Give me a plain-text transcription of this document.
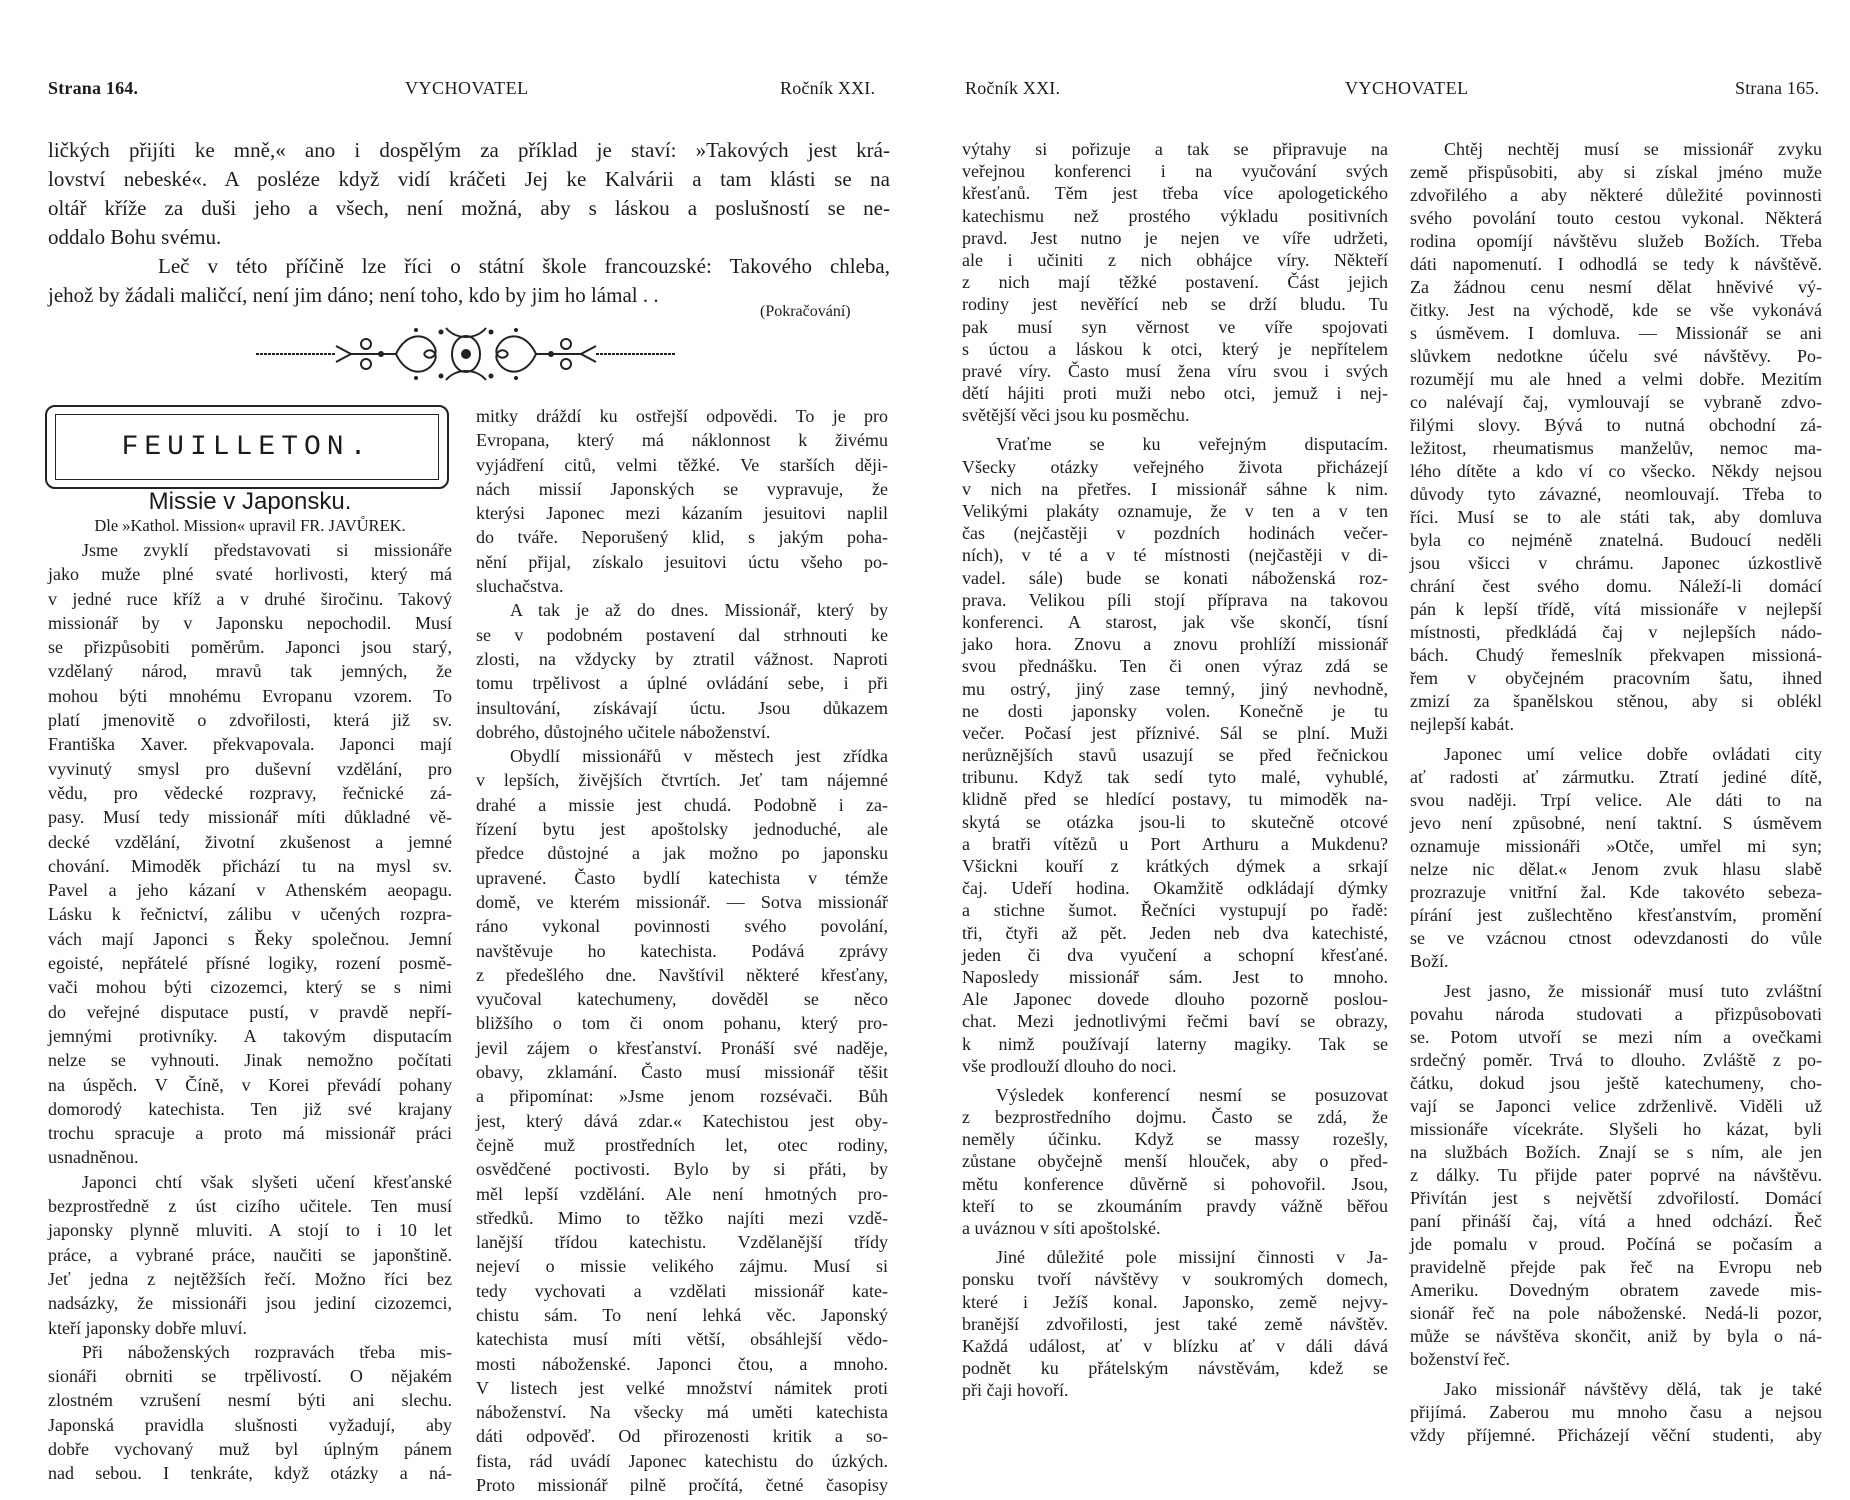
Strana 164.	VYCHOVATEL	Ročník XXI.	Ročník XXI.	VYCHOVATEL	Strana 165.
ličkých přijíti ke mně,« ano i dospělým za příklad je staví: »Takových jest krá-
lovství nebeské«. A posléze když vidí kráčeti Jej ke Kalvárii a tam klásti se na
oltář kříže za duši jeho a všech, není možná, aby s láskou a poslušností se ne-
oddalo Bohu svému.
Leč v této příčině lze říci o státní škole francouzské: Takového chleba,
jehož by žádali maličcí, není jim dáno; není toho, kdo by jim ho lámal . .
(Pokračování)
FEUILLETON.
Missie v Japonsku.
Dle »Kathol. Mission« upravil FR. JAVŮREK.
Jsme zvyklí představovati si missionáře
jako muže plné svaté horlivosti, který má
v jedné ruce kříž a v druhé širočinu. Takový
missionář by v Japonsku nepochodil. Musí
se přizpůsobiti poměrům. Japonci jsou starý,
vzdělaný národ, mravů tak jemných, že
mohou býti mnohému Evropanu vzorem. To
platí jmenovitě o zdvořilosti, která již sv.
Františka Xaver. překvapovala. Japonci mají
vyvinutý smysl pro duševní vzdělání, pro
vědu, pro vědecké rozpravy, řečnické zá-
pasy. Musí tedy missionář míti důkladné vě-
decké vzdělání, životní zkušenost a jemné
chování. Mimoděk přichází tu na mysl sv.
Pavel a jeho kázaní v Athenském aeopagu.
Lásku k řečnictví, zálibu v učených rozpra-
vách mají Japonci s Řeky společnou. Jemní
egoisté, nepřátelé přísné logiky, rození posmě-
vači mohou býti cizozemci, který se s nimi
do veřejné disputace pustí, v pravdě nepří-
jemnými protivníky. A takovým disputacím
nelze se vyhnouti. Jinak nemožno počítati
na úspěch. V Číně, v Korei převádí pohany
domorodý katechista. Ten již své krajany
trochu spracuje a proto má missionář práci
usnadněnou.
Japonci chtí však slyšeti učení křesťanské
bezprostředně z úst cizího učitele. Ten musí
japonsky plynně mluviti. A stojí to i 10 let
práce, a vybrané práce, naučiti se japonštině.
Jeť jedna z nejtěžších řečí. Možno říci bez
nadsázky, že missionáři jsou jediní cizozemci,
kteří japonsky dobře mluví.
Při náboženských rozpravách třeba mis-
sionáři obrniti se trpělivostí. O nějakém
zlostném vzrušení nesmí býti ani slechu.
Japonská pravidla slušnosti vyžadují, aby
dobře vychovaný muž byl úplným pánem
nad sebou. I tenkráte, když otázky a ná-
mitky dráždí ku ostřejší odpovědi. To je pro
Evropana, který má náklonnost k živému
vyjádření citů, velmi těžké. Ve starších ději-
nách missií Japonských se vypravuje, že
kterýsi Japonec mezi kázaním jesuitovi naplil
do tváře. Neporušený klid, s jakým poha-
nění přijal, získalo jesuitovi úctu všeho po-
sluchačstva.
A tak je až do dnes. Missionář, který by
se v podobném postavení dal strhnouti ke
zlosti, na vždycky by ztratil vážnost. Naproti
tomu trpělivost a úplné ovládání sebe, i při
insultování, získávají úctu. Jsou důkazem
dobrého, důstojného učitele náboženství.
Obydlí missionářů v městech jest zřídka
v lepších, živějších čtvrtích. Jeť tam nájemné
drahé a missie jest chudá. Podobně i za-
řízení bytu jest apoštolsky jednoduché, ale
předce důstojné a jak možno po japonsku
upravené. Často bydlí katechista v témže
domě, ve kterém missionář. — Sotva missionář
ráno vykonal povinnosti svého povolání,
navštěvuje ho katechista. Podává zprávy
z předešlého dne. Navštívil některé křesťany,
vyučoval katechumeny, dověděl se něco
bližšího o tom či onom pohanu, který pro-
jevil zájem o křesťanství. Pronáší své naděje,
obavy, zklamání. Často musí missionář těšit
a připomínat: »Jsme jenom rozsévači. Bůh
jest, který dává zdar.« Katechistou jest oby-
čejně muž prostředních let, otec rodiny,
osvědčené poctivosti. Bylo by si přáti, by
měl lepší vzdělání. Ale není hmotných pro-
středků. Mimo to těžko najíti mezi vzdě-
lanější třídou katechistu. Vzdělanější třídy
nejeví o missie velikého zájmu. Musí si
tedy vychovati a vzdělati missionář kate-
chistu sám. To není lehká věc. Japonský
katechista musí míti větší, obsáhlejší vědo-
mosti náboženské. Japonci čtou, a mnoho.
V listech jest velké množství námitek proti
náboženství. Na všecky má uměti katechista
dáti odpověď. Od přirozenosti kritik a so-
fista, rád uvádí Japonec katechistu do úzkých.
Proto missionář pilně pročítá, četné časopisy
výtahy si pořizuje a tak se připravuje na
veřejnou konferenci i na vyučování svých
křesťanů. Těm jest třeba více apologetického
katechismu než prostého výkladu positivních
pravd. Jest nutno je nejen ve víře udržeti,
ale i učiniti z nich obhájce víry. Někteří
z nich mají těžké postavení. Část jejich
rodiny jest nevěřící neb se drží bludu. Tu
pak musí syn věrnost ve víře spojovati
s úctou a láskou k otci, který je nepřítelem
pravé víry. Často musí žena víru svou i svých
dětí hájiti proti muži nebo otci, jemuž i nej-
světější věci jsou ku posměchu.
Vraťme se ku veřejným disputacím.
Všecky otázky veřejného života přicházejí
v nich na přetřes. I missionář sáhne k nim.
Velikými plakáty oznamuje, že v ten a v ten
čas (nejčastěji v pozdních hodinách večer-
ních), v té a v té místnosti (nejčastěji v di-
vadel. sále) bude se konati náboženská roz-
prava. Velikou píli stojí příprava na takovou
konferenci. A starost, jak vše skončí, tísní
jako hora. Znovu a znovu prohlíží missionář
svou přednášku. Ten či onen výraz zdá se
mu ostrý, jiný zase temný, jiný nevhodně,
ne dosti japonsky volen. Konečně je tu
večer. Počasí jest příznivé. Sál se plní. Muži
nerůznějších stavů usazují se před řečnickou
tribunu. Když tak sedí tyto malé, vyhublé,
klidně před se hledící postavy, tu mimoděk na-
skytá se otázka jsou-li to skutečně otcové
a bratři vítězů u Port Arthuru a Mukdenu?
Všickni kouří z krátkých dýmek a srkají
čaj. Udeří hodina. Okamžitě odkládají dýmky
a stichne šumot. Řečníci vystupují po řadě:
tři, čtyři až pět. Jeden neb dva katechisté,
jeden či dva vyučení a schopní křesťané.
Naposledy missionář sám. Jest to mnoho.
Ale Japonec dovede dlouho pozorně poslou-
chat. Mezi jednotlivými řečmi baví se obrazy,
k nimž používají laterny magiky. Tak se
vše prodlouží dlouho do noci.
Výsledek konferencí nesmí se posuzovat
z bezprostředního dojmu. Často se zdá, že
neměly účinku. Když se massy rozešly,
zůstane obyčejně menší hlouček, aby o před-
mětu konference důvěrně si pohovořil. Jsou,
kteří to se zkoumáním pravdy vážně běřou
a uváznou v síti apoštolské.
Jiné důležité pole missijní činnosti v Ja-
ponsku tvoří návštěvy v soukromých domech,
které i Ježíš konal. Japonsko, země nejvy-
branější zdvořilosti, jest také země návštěv.
Každá událost, ať v blízku ať v dáli dává
podnět ku přátelským návstěvám, kdež se
při čaji hovoří.
Chtěj nechtěj musí se missionář zvyku
země přispůsobiti, aby si získal jméno muže
zdvořilého a aby některé důležité povinnosti
svého povolání touto cestou vykonal. Některá
rodina opomíjí návštěvu služeb Božích. Třeba
dáti napomenutí. I odhodlá se tedy k návštěvě.
Za žádnou cenu nesmí dělat hněvivé vý-
čitky. Jest na východě, kde se vše vykonává
s úsměvem. I domluva. — Missionář se ani
slůvkem nedotkne účelu své návštěvy. Po-
rozumějí mu ale hned a velmi dobře. Mezitím
co nalévají čaj, vymlouvají se vybraně zdvo-
řilými slovy. Bývá to nutná obchodní zá-
ležitost, rheumatismus manželův, nemoc ma-
lého dítěte a kdo ví co všecko. Někdy nejsou
důvody tyto závazné, neomlouvají. Třeba to
říci. Musí se to ale státi tak, aby domluva
byla co nejméně znatelná. Budoucí neděli
jsou všicci v chrámu. Japonec úzkostlivě
chrání čest svého domu. Náleží-li domácí
pán k lepší třídě, vítá missionáře v nejlepší
místnosti, předkládá čaj v nejlepších nádo-
bách. Chudý řemeslník překvapen missioná-
řem v obyčejném pracovním šatu, ihned
zmizí za španělskou stěnou, aby si oblékl
nejlepší kabát.
Japonec umí velice dobře ovládati city
ať radosti ať zármutku. Ztratí jediné dítě,
svou naději. Trpí velice. Ale dáti to na
jevo není způsobné, není taktní. S úsměvem
oznamuje missionáři »Otče, umřel mi syn;
nelze nic dělat.« Jenom zvuk hlasu slabě
prozrazuje vnitřní žal. Kde takovéto sebeza-
pírání jest zušlechtěno křesťanstvím, promění
se ve vzácnou ctnost odevzdanosti do vůle
Boží.
Jest jasno, že missionář musí tuto zvláštní
povahu národa studovati a přizpůsobovati
se. Potom utvoří se mezi ním a ovečkami
srdečný poměr. Trvá to dlouho. Zvláště z po-
čátku, dokud jsou ještě katechumeny, cho-
vají se Japonci velice zdrženlivě. Viděli už
missionáře vícekráte. Slyšeli ho kázat, byli
na službách Božích. Znají se s ním, ale jen
z dálky. Tu přijde pater poprvé na návštěvu.
Přivítán jest s největší zdvořilostí. Domácí
paní přináší čaj, vítá a hned odchází. Řeč
jde pomalu v proud. Počíná se počasím a
pravidelně přejde pak řeč na Evropu neb
Ameriku. Dovedným obratem zavede mis-
sionář řeč na pole náboženské. Nedá-li pozor,
může se návštěva skončit, aniž by byla o ná-
boženství řeč.
Jako missionář návštěvy dělá, tak je také
přijímá. Zaberou mu mnoho času a nejsou
vždy příjemné. Přicházejí věční studenti, aby
